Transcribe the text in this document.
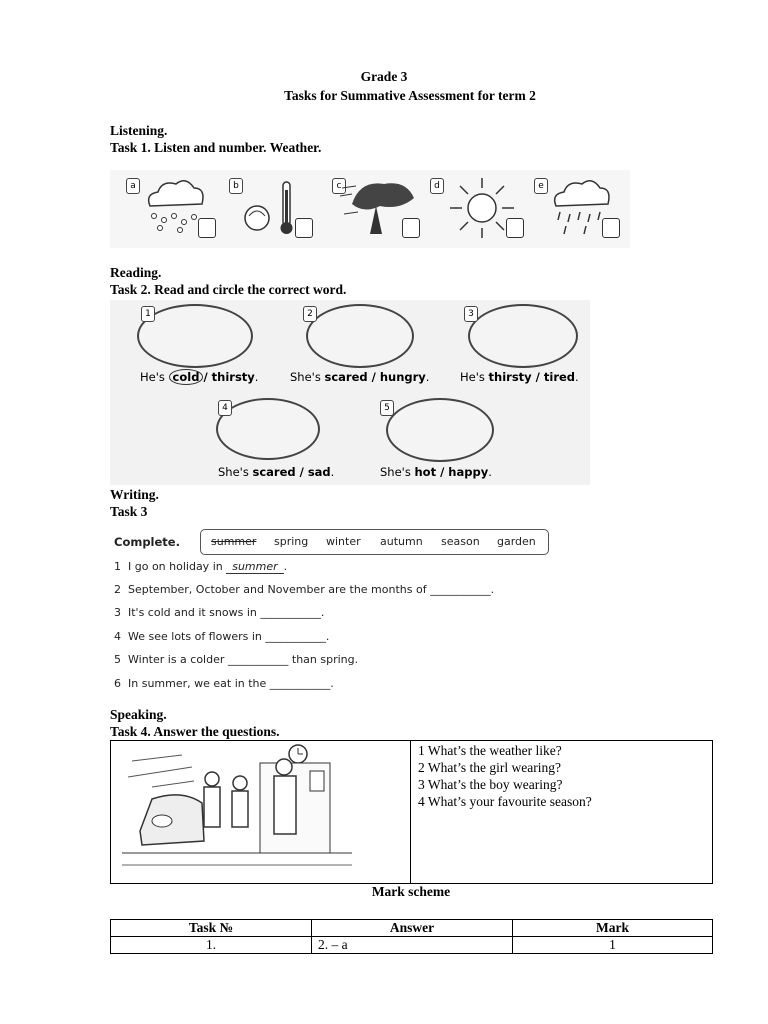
Grade 3
Tasks for Summative Assessment for term 2
Listening.
Task 1. Listen and number. Weather.
a	b	c	d	e
Reading.
Task 2. Read and circle the correct word.
1
He's cold / thirsty.
2
She's scared / hungry.
3
He's thirsty / tired.
4
She's scared / sad.
5
She's hot / happy.
Writing.
Task 3
Complete.	summer spring winter autumn season garden
1 I go on holiday in summer .
2 September, October and November are the months of ___________.
3 It's cold and it snows in ___________.
4 We see lots of flowers in ___________.
5 Winter is a colder ___________ than spring.
6 In summer, we eat in the ___________.
Speaking.
Task 4. Answer the questions.
1 What’s the weather like?
2 What’s the girl wearing?
3 What’s the boy wearing?
4 What’s your favourite season?
Mark scheme
Task №	Answer	Mark
1.	2. – a	1
